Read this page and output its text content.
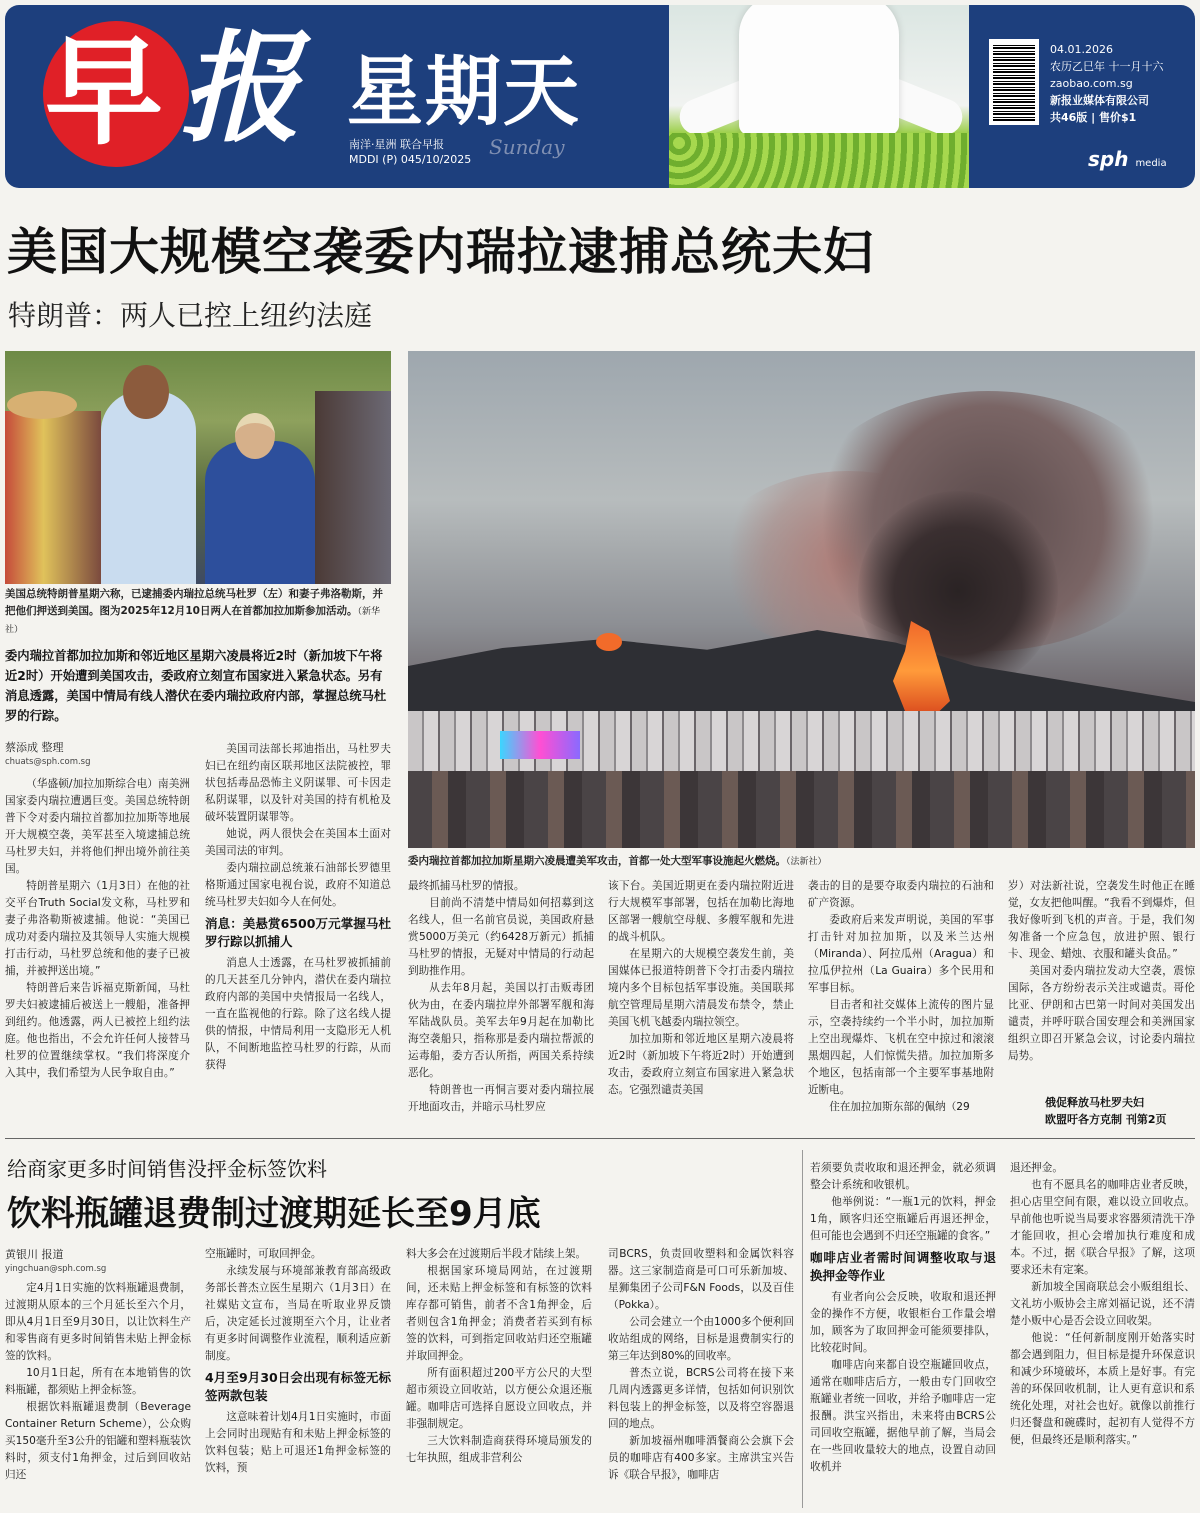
早 报 星期天
南洋·星洲 联合早报
MDDI (P) 045/10/2025
Sunday
04.01.2026
农历乙巳年 十一月十六
zaobao.com.sg
新报业媒体有限公司
共46版 | 售价$1
sph media
美国大规模空袭委内瑞拉逮捕总统夫妇
特朗普：两人已控上纽约法庭
美国总统特朗普星期六称，已逮捕委内瑞拉总统马杜罗（左）和妻子弗洛勒斯，并把他们押送到美国。图为2025年12月10日两人在首都加拉加斯参加活动。（新华社）
委内瑞拉首都加拉加斯星期六凌晨遭美军攻击，首都一处大型军事设施起火燃烧。（法新社）
委内瑞拉首都加拉加斯和邻近地区星期六凌晨将近2时（新加坡下午将近2时）开始遭到美国攻击，委政府立刻宣布国家进入紧急状态。另有消息透露，美国中情局有线人潜伏在委内瑞拉政府内部，掌握总统马杜罗的行踪。
蔡添成 整理
chuats@sph.com.sg

（华盛顿/加拉加斯综合电）南美洲国家委内瑞拉遭遇巨变。美国总统特朗普下令对委内瑞拉首都加拉加斯等地展开大规模空袭，美军甚至入境逮捕总统马杜罗夫妇，并将他们押出境外前往美国。

特朗普星期六（1月3日）在他的社交平台Truth Social发文称，马杜罗和妻子弗洛勒斯被逮捕。他说：“美国已成功对委内瑞拉及其领导人实施大规模打击行动，马杜罗总统和他的妻子已被捕，并被押送出境。”

特朗普后来告诉福克斯新闻，马杜罗夫妇被逮捕后被送上一艘船，准备押到纽约。他透露，两人已被控上纽约法庭。他也指出，不会允许任何人接替马杜罗的位置继续掌权。“我们将深度介入其中，我们希望为人民争取自由。”

美国司法部长邦迪指出，马杜罗夫妇已在纽约南区联邦地区法院被控，罪状包括毒品恐怖主义阴谋罪、可卡因走私阴谋罪，以及针对美国的持有机枪及破坏装置阴谋罪等。

她说，两人很快会在美国本土面对美国司法的审判。

委内瑞拉副总统兼石油部长罗德里格斯通过国家电视台说，政府不知道总统马杜罗夫妇如今人在何处。

消息：美悬赏6500万元掌握马杜罗行踪以抓捕人

消息人士透露，在马杜罗被抓捕前的几天甚至几分钟内，潜伏在委内瑞拉政府内部的美国中央情报局一名线人，一直在监视他的行踪。除了这名线人提供的情报，中情局利用一支隐形无人机队，不间断地监控马杜罗的行踪，从而获得

最终抓捕马杜罗的情报。

目前尚不清楚中情局如何招募到这名线人，但一名前官员说，美国政府悬赏5000万美元（约6428万新元）抓捕马杜罗的情报，无疑对中情局的行动起到助推作用。

从去年8月起，美国以打击贩毒团伙为由，在委内瑞拉岸外部署军舰和海军陆战队员。美军去年9月起在加勒比海空袭船只，指称那是委内瑞拉帮派的运毒船，委方否认所指，两国关系持续恶化。

特朗普也一再恫言要对委内瑞拉展开地面攻击，并暗示马杜罗应

该下台。美国近期更在委内瑞拉附近进行大规模军事部署，包括在加勒比海地区部署一艘航空母舰、多艘军舰和先进的战斗机队。

在星期六的大规模空袭发生前，美国媒体已报道特朗普下令打击委内瑞拉境内多个目标包括军事设施。美国联邦航空管理局星期六清晨发布禁令，禁止美国飞机飞越委内瑞拉领空。

加拉加斯和邻近地区星期六凌晨将近2时（新加坡下午将近2时）开始遭到攻击，委政府立刻宣布国家进入紧急状态。它强烈谴责美国

袭击的目的是要夺取委内瑞拉的石油和矿产资源。

委政府后来发声明说，美国的军事打击针对加拉加斯，以及米兰达州（Miranda）、阿拉瓜州（Aragua）和拉瓜伊拉州（La Guaira）多个民用和军事目标。

目击者和社交媒体上流传的图片显示，空袭持续约一个半小时，加拉加斯上空出现爆炸、飞机在空中掠过和滚滚黑烟四起，人们惊慌失措。加拉加斯多个地区，包括南部一个主要军事基地附近断电。

住在加拉加斯东部的佩纳（29

岁）对法新社说，空袭发生时他正在睡觉，女友把他叫醒。“我看不到爆炸，但我好像听到飞机的声音。于是，我们匆匆准备一个应急包，放进护照、银行卡、现金、蜡烛、衣服和罐头食品。”

美国对委内瑞拉发动大空袭，震惊国际，各方纷纷表示关注或谴责。哥伦比亚、伊朗和古巴第一时间对美国发出谴责，并呼吁联合国安理会和美洲国家组织立即召开紧急会议，讨论委内瑞拉局势。

俄促释放马杜罗夫妇
欧盟吁各方克制 刊第2页
给商家更多时间销售没抨金标签饮料
饮料瓶罐退费制过渡期延长至9月底
黄银川 报道
yingchuan@sph.com.sg

定4月1日实施的饮料瓶罐退费制，过渡期从原本的三个月延长至六个月，即从4月1日至9月30日，以让饮料生产和零售商有更多时间销售未贴上押金标签的饮料。

10月1日起，所有在本地销售的饮料瓶罐，都须贴上押金标签。

根据饮料瓶罐退费制（Beverage Container Return Scheme），公众购买150毫升至3公升的铝罐和塑料瓶装饮料时，须支付1角押金，过后到回收站归还

空瓶罐时，可取回押金。

永续发展与环境部兼教育部高级政务部长普杰立医生星期六（1月3日）在社媒贴文宣布，当局在听取业界反馈后，决定延长过渡期至六个月，让业者有更多时间调整作业流程，顺利适应新制度。

4月至9月30日会出现有标签无标签两款包装

这意味着计划4月1日实施时，市面上会同时出现贴有和未贴上押金标签的饮料包装；贴上可退还1角押金标签的饮料，预

料大多会在过渡期后半段才陆续上架。

根据国家环境局网站，在过渡期间，还未贴上押金标签和有标签的饮料库存都可销售，前者不含1角押金，后者则包含1角押金；消费者若买到有标签的饮料，可到指定回收站归还空瓶罐并取回押金。

所有面积超过200平方公尺的大型超市须设立回收站，以方便公众退还瓶罐。咖啡店可选择自愿设立回收点，并非强制规定。

三大饮料制造商获得环境局颁发的七年执照，组成非营利公

司BCRS，负责回收塑料和金属饮料容器。这三家制造商是可口可乐新加坡、星狮集团子公司F&N Foods，以及百佳（Pokka）。

公司会建立一个由1000多个便利回收站组成的网络，目标是退费制实行的第三年达到80%的回收率。

普杰立说，BCRS公司将在接下来几周内透露更多详情，包括如何识别饮料包装上的押金标签，以及将空容器退回的地点。

新加坡福州咖啡酒餐商公会旗下会员的咖啡店有400多家。主席洪宝兴告诉《联合早报》，咖啡店

若须要负责收取和退还押金，就必须调整会计系统和收银机。

他举例说：“一瓶1元的饮料，押金1角，顾客归还空瓶罐后再退还押金，但可能也会遇到不归还空瓶罐的食客。”

咖啡店业者需时间调整收取与退换押金等作业

有业者向公会反映，收取和退还押金的操作不方便，收银柜台工作量会增加，顾客为了取回押金可能须要排队，比较花时间。

咖啡店向来都自设空瓶罐回收点，通常在咖啡店后方，一般由专门回收空瓶罐业者统一回收，并给予咖啡店一定报酬。洪宝兴指出，未来将由BCRS公司回收空瓶罐，据他早前了解，当局会在一些回收量较大的地点，设置自动回收机并

退还押金。

也有不愿具名的咖啡店业者反映，担心店里空间有限，难以设立回收点。早前他也听说当局要求容器须清洗干净才能回收，担心会增加执行难度和成本。不过，据《联合早报》了解，这项要求还未有定案。

新加坡全国商联总会小贩组组长、文礼坊小贩协会主席刘福记说，还不清楚小贩中心是否会设立回收架。

他说：“任何新制度刚开始落实时都会遇到阻力，但目标是提升环保意识和减少环境破坏，本质上是好事。有完善的环保回收机制，让人更有意识和系统化处理，对社会也好。就像以前推行归还餐盘和碗碟时，起初有人觉得不方便，但最终还是顺利落实。”
